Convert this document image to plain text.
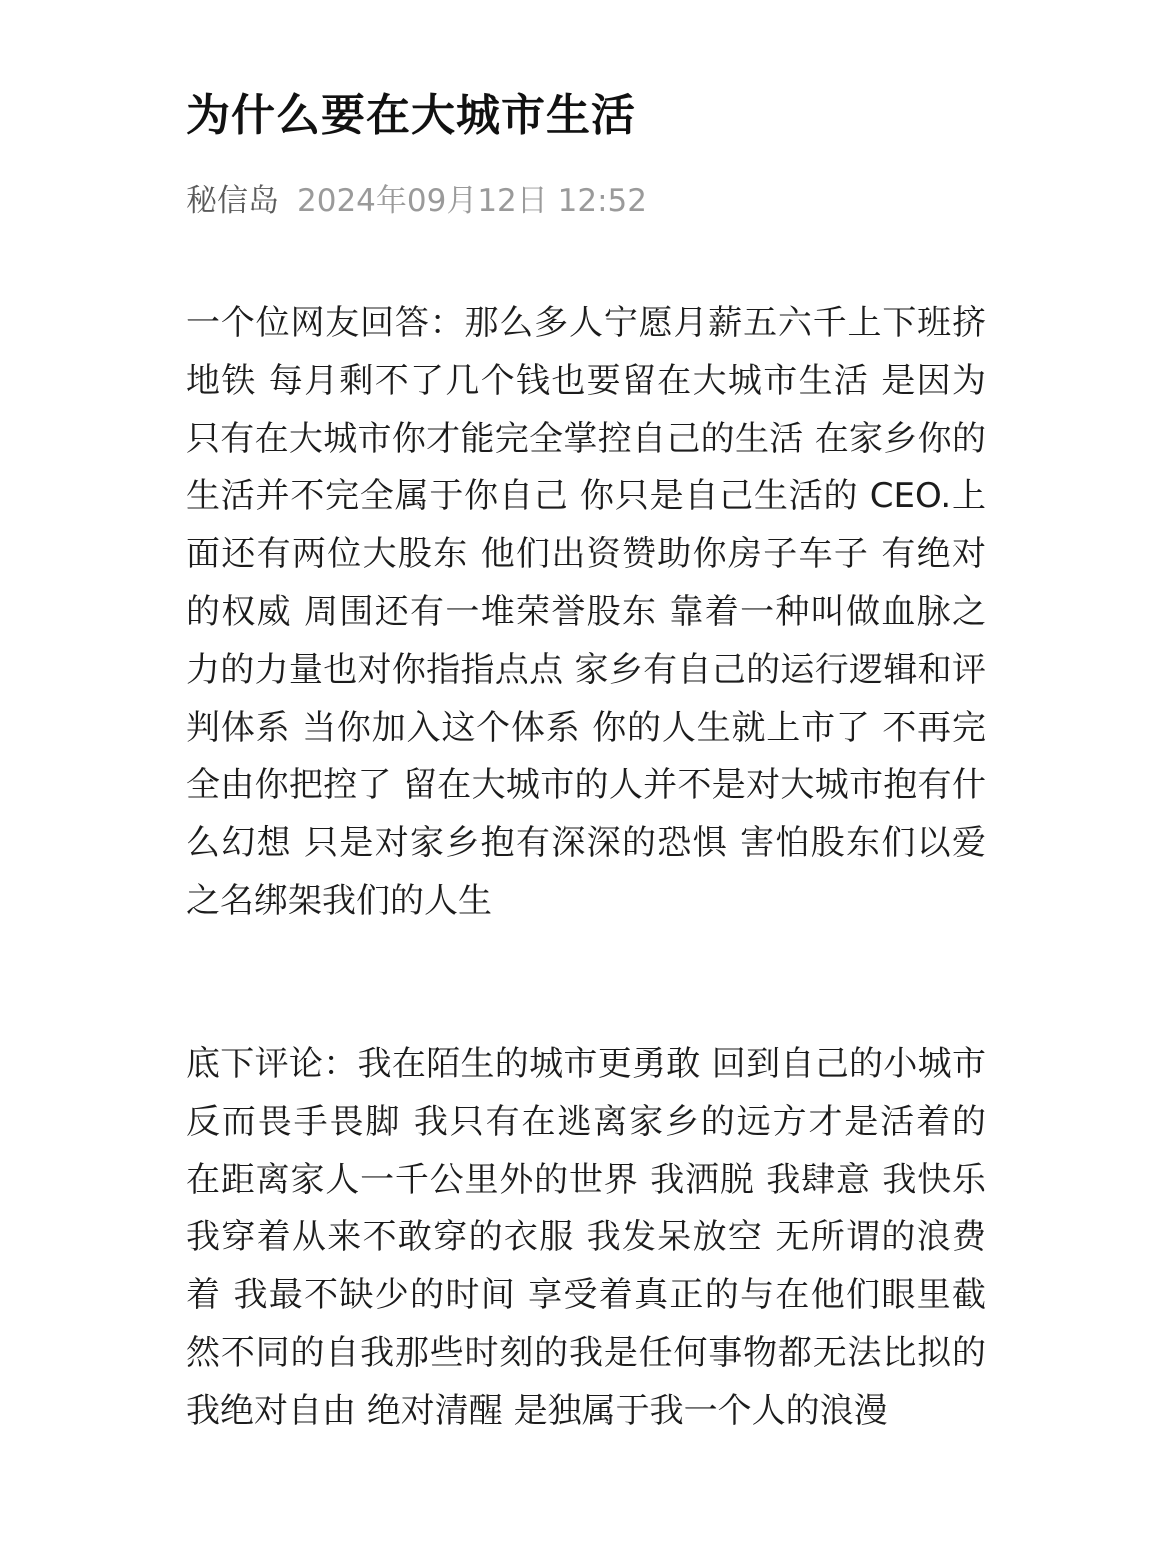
为什么要在大城市生活
秘信岛 2024年09月12日 12:52

一个位网友回答：那么多人宁愿月薪五六千上下班挤地铁 每月剩不了几个钱也要留在大城市生活 是因为只有在大城市你才能完全掌控自己的生活 在家乡你的生活并不完全属于你自己 你只是自己生活的 CEO.上面还有两位大股东 他们出资赞助你房子车子 有绝对的权威 周围还有一堆荣誉股东 靠着一种叫做血脉之力的力量也对你指指点点 家乡有自己的运行逻辑和评判体系 当你加入这个体系 你的人生就上市了 不再完全由你把控了 留在大城市的人并不是对大城市抱有什么幻想 只是对家乡抱有深深的恐惧 害怕股东们以爱之名绑架我们的人生

底下评论：我在陌生的城市更勇敢 回到自己的小城市反而畏手畏脚 我只有在逃离家乡的远方才是活着的 在距离家人一千公里外的世界 我洒脱 我肆意 我快乐 我穿着从来不敢穿的衣服 我发呆放空 无所谓的浪费着 我最不缺少的时间 享受着真正的与在他们眼里截然不同的自我那些时刻的我是任何事物都无法比拟的我绝对自由 绝对清醒 是独属于我一个人的浪漫
